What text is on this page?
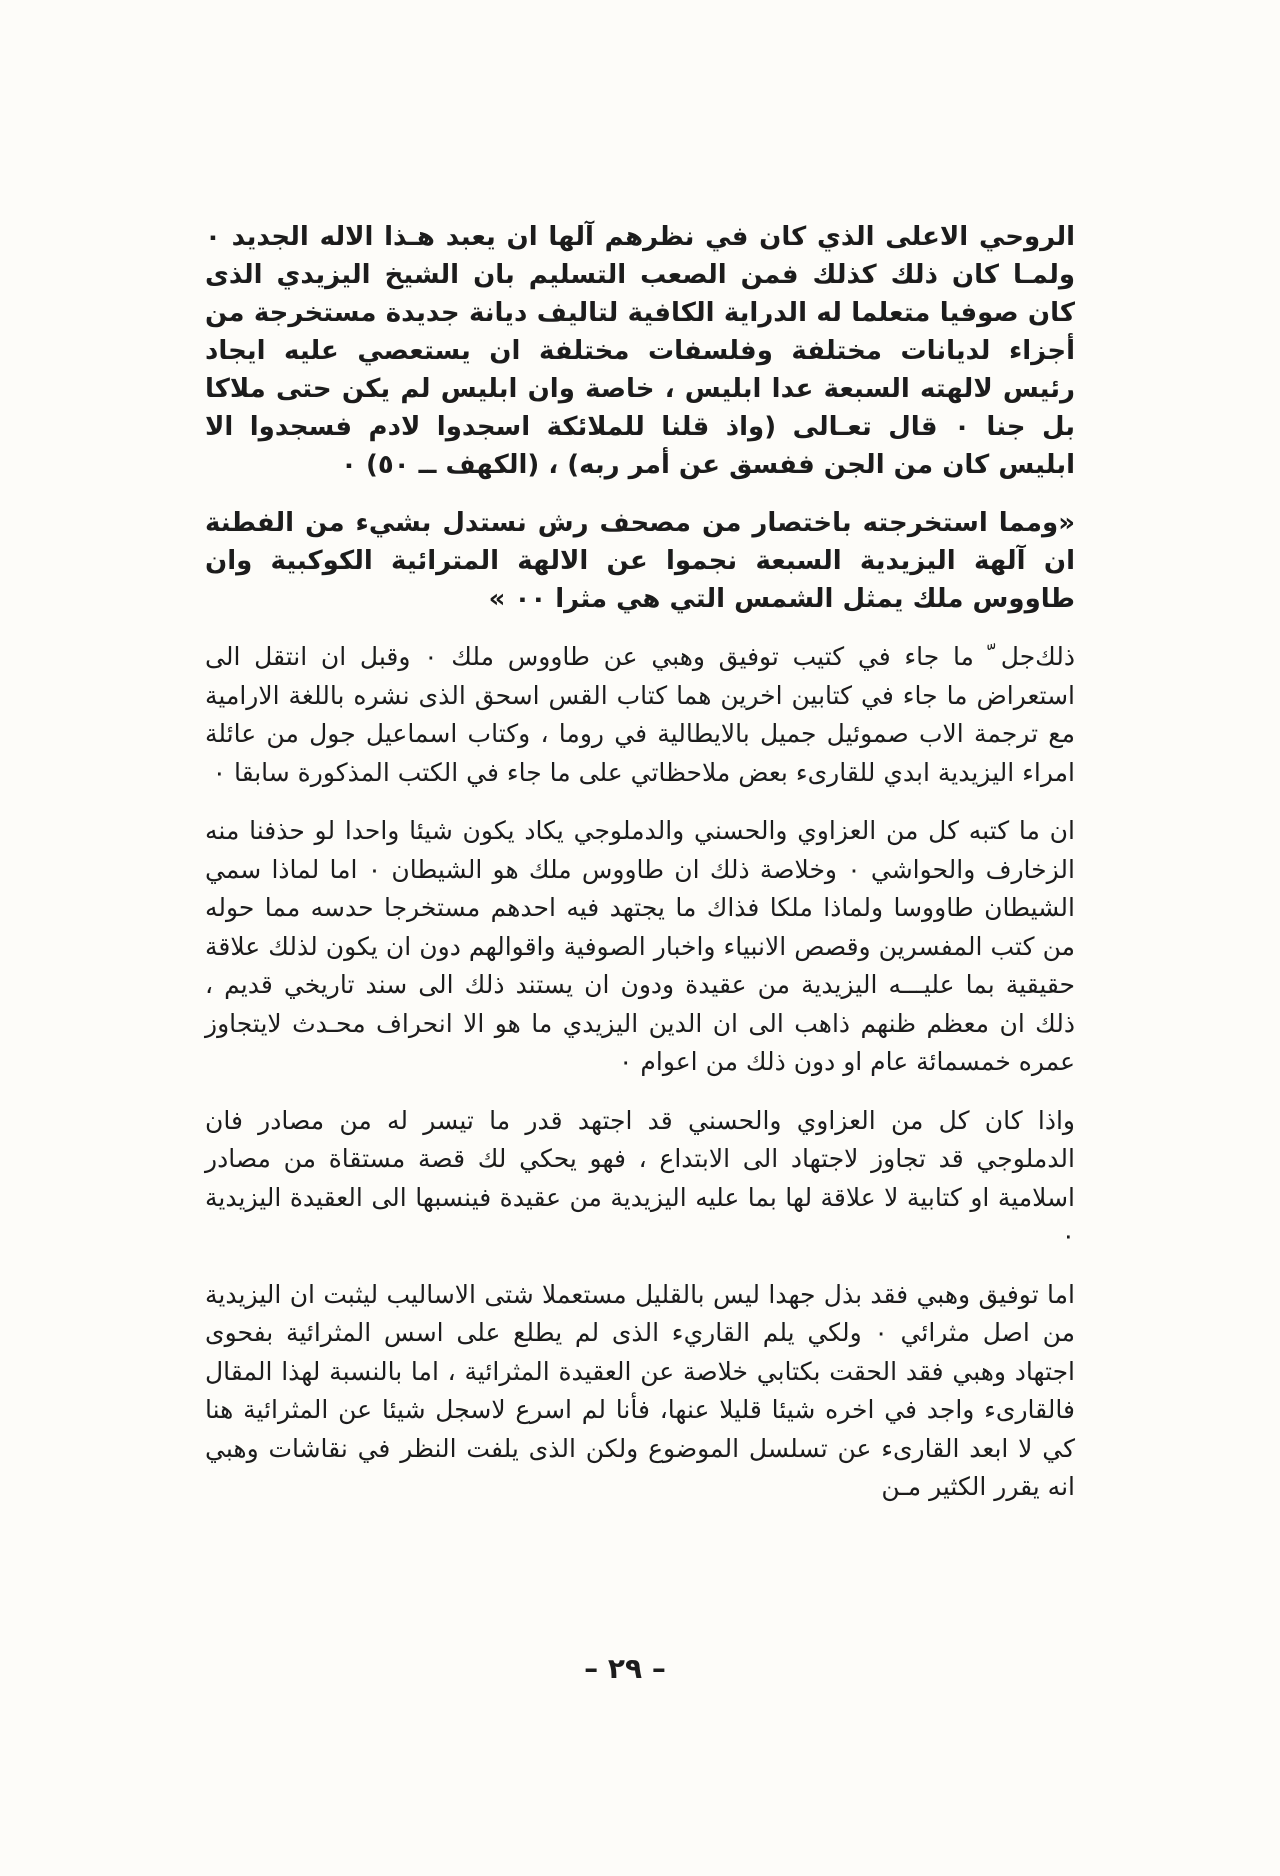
الروحي الاعلى الذي كان في نظرهم آلها ان يعبد هـذا الاله الجديد ٠ ولمـا كان ذلك كذلك فمن الصعب التسليم بان الشيخ اليزيدي الذى كان صوفيا متعلما له الدراية الكافية لتاليف ديانة جديدة مستخرجة من أجزاء لديانات مختلفة وفلسفات مختلفة ان يستعصي عليه ايجاد رئيس لالهته السبعة عدا ابليس ، خاصة وان ابليس لم يكن حتى ملاكا بل جنا ٠ قال تعـالى (واذ قلنا للملائكة اسجدوا لادم فسجدوا الا ابليس كان من الجن ففسق عن أمر ربه) ، (الكهف ــ ٥٠) ٠

«ومما استخرجته باختصار من مصحف رش نستدل بشيء من الفطنة ان آلهة اليزيدية السبعة نجموا عن الالهة المترائية الكوكبية وان طاووس ملك يمثل الشمس التي هي مثرا ٠٠ »

ذلك‌جل ّ ما جاء في كتيب توفيق وهبي عن طاووس ملك ٠ وقبل ان انتقل الى استعراض ما جاء في كتابين اخرين هما كتاب القس اسحق الذى نشره باللغة الارامية مع ترجمة الاب صموئيل جميل بالايطالية في روما ، وكتاب اسماعيل جول من عائلة امراء اليزيدية ابدي للقارىء بعض ملاحظاتي على ما جاء في الكتب المذكورة سابقا ٠

ان ما كتبه كل من العزاوي والحسني والدملوجي يكاد يكون شيئا واحدا لو حذفنا منه الزخارف والحواشي ٠ وخلاصة ذلك ان طاووس ملك هو الشيطان ٠ اما لماذا سمي الشيطان طاووسا ولماذا ملكا فذاك ما يجتهد فيه احدهم مستخرجا حدسه مما حوله من كتب المفسرين وقصص الانبياء واخبار الصوفية واقوالهم دون ان يكون لذلك علاقة حقيقية بما عليـــه اليزيدية من عقيدة ودون ان يستند ذلك الى سند تاريخي قديم ، ذلك ان معظم ظنهم ذاهب الى ان الدين اليزيدي ما هو الا انحراف محـدث لايتجاوز عمره خمسمائة عام او دون ذلك من اعوام ٠

واذا كان كل من العزاوي والحسني قد اجتهد قدر ما تيسر له من مصادر فان الدملوجي قد تجاوز لاجتهاد الى الابتداع ، فهو يحكي لك قصة مستقاة من مصادر اسلامية او كتابية لا علاقة لها بما عليه اليزيدية من عقيدة فينسبها الى العقيدة اليزيدية ٠

اما توفيق وهبي فقد بذل جهدا ليس بالقليل مستعملا شتى الاساليب ليثبت ان اليزيدية من اصل مثرائي ٠ ولكي يلم القاريء الذى لم يطلع على اسس المثرائية بفحوى اجتهاد وهبي فقد الحقت بكتابي خلاصة عن العقيدة المثرائية ، اما بالنسبة لهذا المقال فالقارىء واجد في اخره شيئا قليلا عنها، فأنا لم اسرع لاسجل شيئا عن المثرائية هنا كي لا ابعد القارىء عن تسلسل الموضوع ولكن الذى يلفت النظر في نقاشات وهبي انه يقرر الكثير مـن

– ٢٩ –
